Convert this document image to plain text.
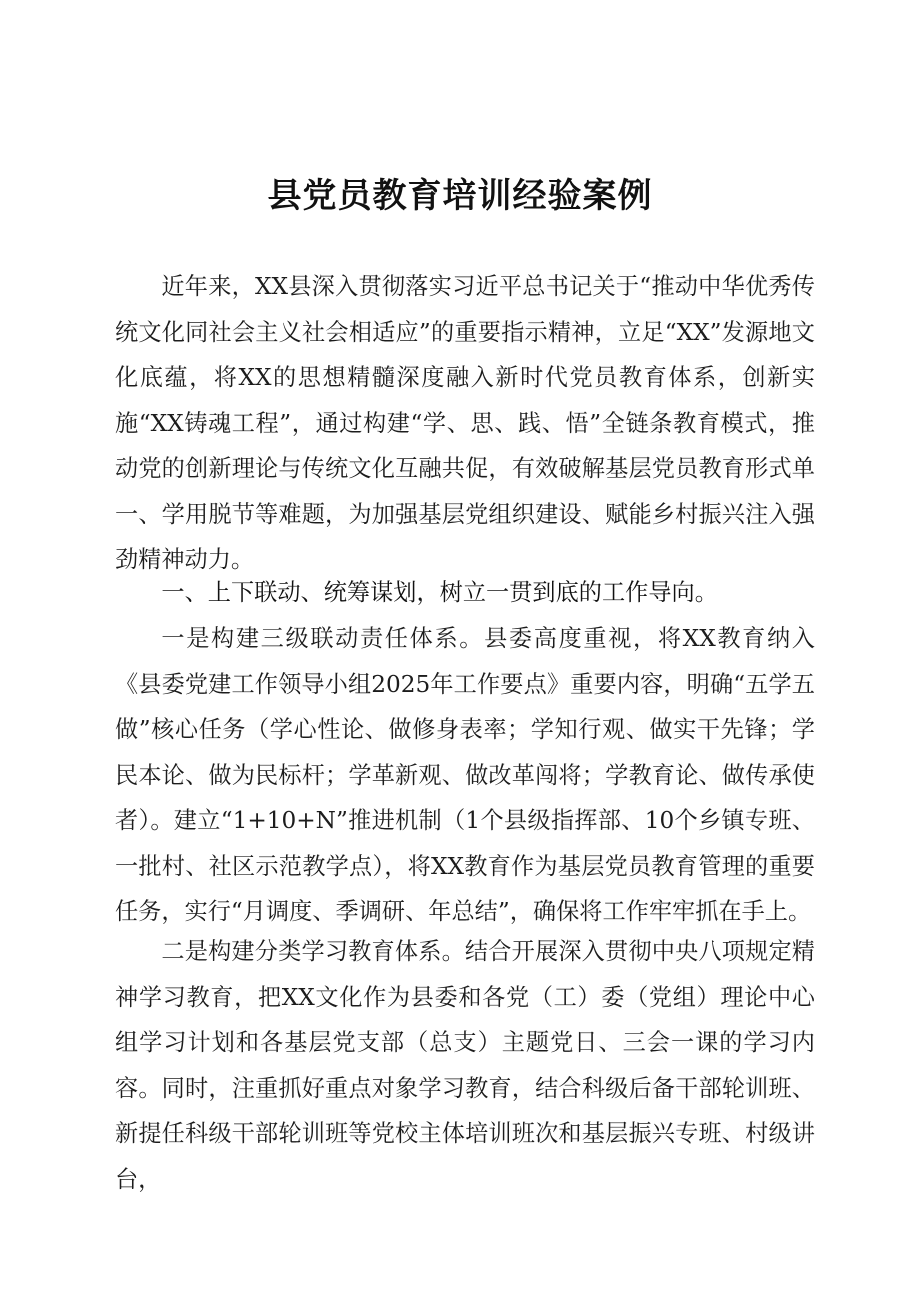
县党员教育培训经验案例

近年来，XX县深入贯彻落实习近平总书记关于“推动中华优秀传统文化同社会主义社会相适应”的重要指示精神，立足“XX”发源地文化底蕴，将XX的思想精髓深度融入新时代党员教育体系，创新实施“XX铸魂工程”，通过构建“学、思、践、悟”全链条教育模式，推动党的创新理论与传统文化互融共促，有效破解基层党员教育形式单一、学用脱节等难题，为加强基层党组织建设、赋能乡村振兴注入强劲精神动力。

一、上下联动、统筹谋划，树立一贯到底的工作导向。

一是构建三级联动责任体系。县委高度重视，将XX教育纳入《县委党建工作领导小组2025年工作要点》重要内容，明确“五学五做”核心任务（学心性论、做修身表率；学知行观、做实干先锋；学民本论、做为民标杆；学革新观、做改革闯将；学教育论、做传承使者）。建立“1+10+N”推进机制（1个县级指挥部、10个乡镇专班、一批村、社区示范教学点），将XX教育作为基层党员教育管理的重要任务，实行“月调度、季调研、年总结”，确保将工作牢牢抓在手上。

二是构建分类学习教育体系。结合开展深入贯彻中央八项规定精神学习教育，把XX文化作为县委和各党（工）委（党组）理论中心组学习计划和各基层党支部（总支）主题党日、三会一课的学习内容。同时，注重抓好重点对象学习教育，结合科级后备干部轮训班、新提任科级干部轮训班等党校主体培训班次和基层振兴专班、村级讲台，
